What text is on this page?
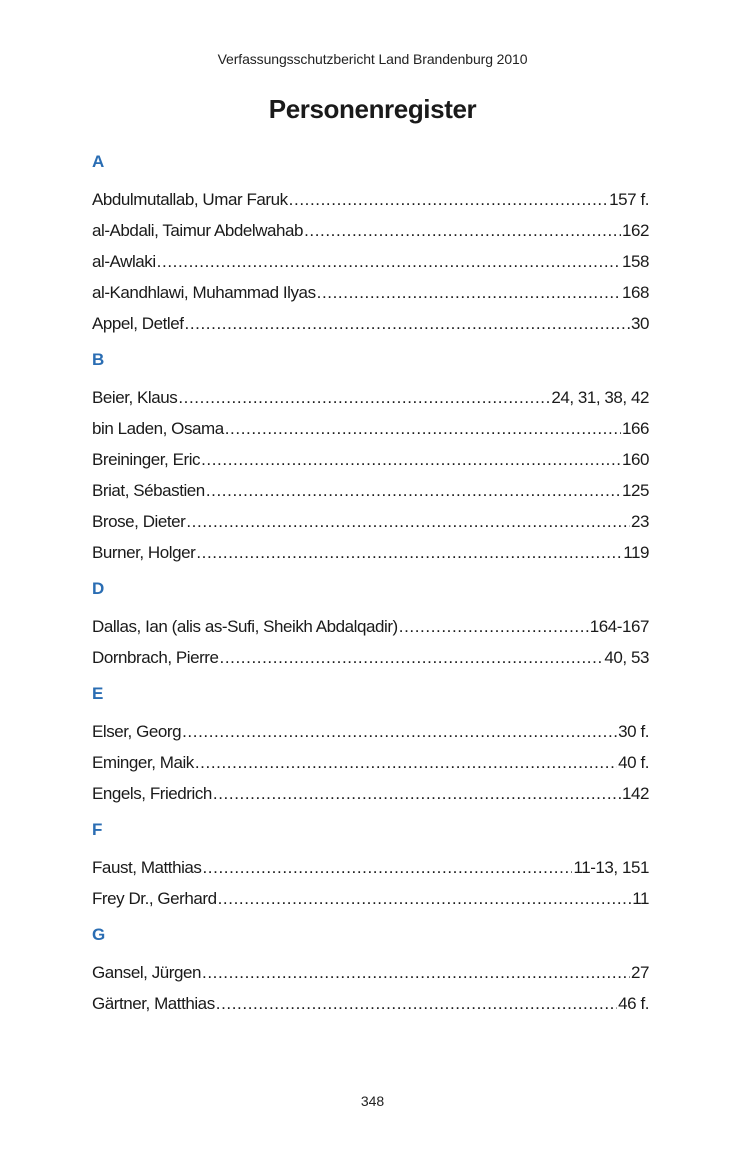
Verfassungsschutzbericht Land Brandenburg 2010
Personenregister
A
Abdulmutallab, Umar Faruk .....	157 f.
al-Abdali, Taimur Abdelwahab .....	162
al-Awlaki .....	158
al-Kandhlawi, Muhammad Ilyas .....	168
Appel, Detlef .....	30
B
Beier, Klaus .....	24, 31, 38, 42
bin Laden, Osama .....	166
Breininger, Eric .....	160
Briat, Sébastien .....	125
Brose, Dieter .....	23
Burner, Holger .....	119
D
Dallas, Ian (alis as-Sufi, Sheikh Abdalqadir) .....	164-167
Dornbrach, Pierre .....	40, 53
E
Elser, Georg .....	30 f.
Eminger, Maik .....	40 f.
Engels, Friedrich .....	142
F
Faust, Matthias .....	11-13, 151
Frey Dr., Gerhard .....	11
G
Gansel, Jürgen .....	27
Gärtner, Matthias .....	46 f.
348
